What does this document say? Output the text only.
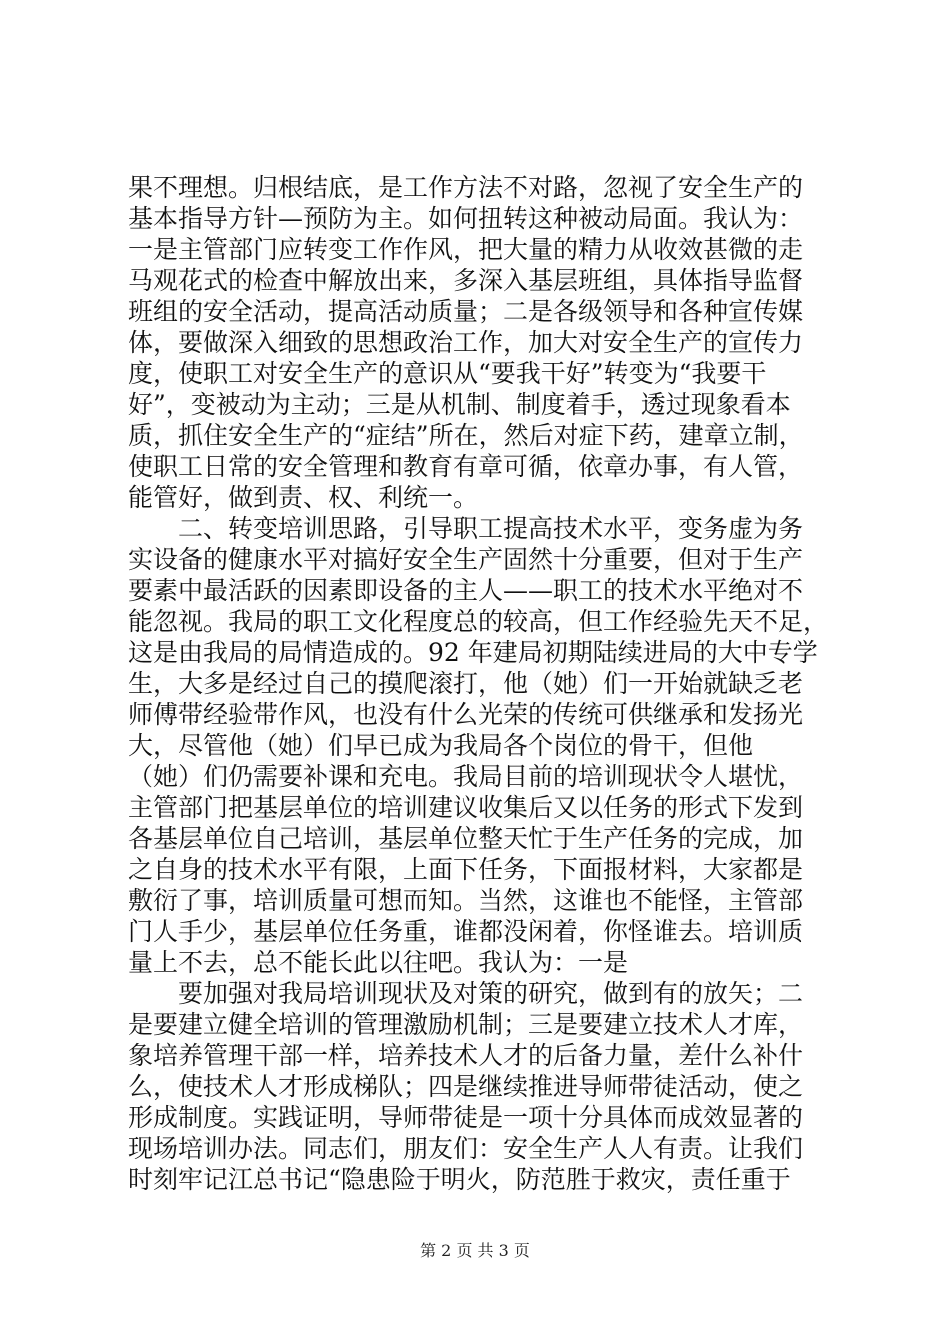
果不理想。归根结底，是工作方法不对路，忽视了安全生产的
基本指导方针—预防为主。如何扭转这种被动局面。我认为：
一是主管部门应转变工作作风，把大量的精力从收效甚微的走
马观花式的检查中解放出来，多深入基层班组，具体指导监督
班组的安全活动，提高活动质量；二是各级领导和各种宣传媒
体，要做深入细致的思想政治工作，加大对安全生产的宣传力
度，使职工对安全生产的意识从“要我干好”转变为“我要干
好”，变被动为主动；三是从机制、制度着手，透过现象看本
质，抓住安全生产的“症结”所在，然后对症下药，建章立制，
使职工日常的安全管理和教育有章可循，依章办事，有人管，
能管好，做到责、权、利统一。
　　二、转变培训思路，引导职工提高技术水平，变务虚为务
实设备的健康水平对搞好安全生产固然十分重要，但对于生产
要素中最活跃的因素即设备的主人——职工的技术水平绝对不
能忽视。我局的职工文化程度总的较高，但工作经验先天不足，
这是由我局的局情造成的。92 年建局初期陆续进局的大中专学
生，大多是经过自己的摸爬滚打，他（她）们一开始就缺乏老
师傅带经验带作风，也没有什么光荣的传统可供继承和发扬光
大，尽管他（她）们早已成为我局各个岗位的骨干，但他
（她）们仍需要补课和充电。我局目前的培训现状令人堪忧，
主管部门把基层单位的培训建议收集后又以任务的形式下发到
各基层单位自己培训，基层单位整天忙于生产任务的完成，加
之自身的技术水平有限，上面下任务，下面报材料，大家都是
敷衍了事，培训质量可想而知。当然，这谁也不能怪，主管部
门人手少，基层单位任务重，谁都没闲着，你怪谁去。培训质
量上不去，总不能长此以往吧。我认为：一是
　　要加强对我局培训现状及对策的研究，做到有的放矢；二
是要建立健全培训的管理激励机制；三是要建立技术人才库，
象培养管理干部一样，培养技术人才的后备力量，差什么补什
么，使技术人才形成梯队；四是继续推进导师带徒活动，使之
形成制度。实践证明，导师带徒是一项十分具体而成效显著的
现场培训办法。同志们，朋友们：安全生产人人有责。让我们
时刻牢记江总书记“隐患险于明火，防范胜于救灾，责任重于
第 2 页 共 3 页
